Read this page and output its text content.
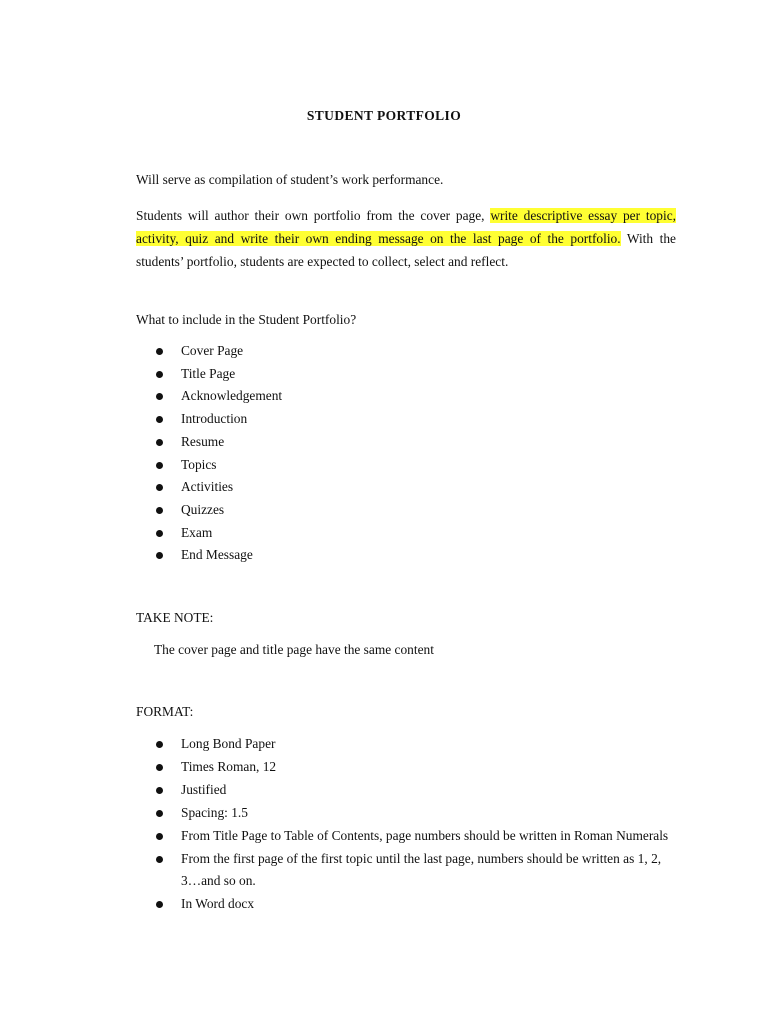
STUDENT PORTFOLIO

Will serve as compilation of student’s work performance.

Students will author their own portfolio from the cover page, write descriptive essay per topic, activity, quiz and write their own ending message on the last page of the portfolio. With the students’ portfolio, students are expected to collect, select and reflect.

What to include in the Student Portfolio?

Cover Page
Title Page
Acknowledgement
Introduction
Resume
Topics
Activities
Quizzes
Exam
End Message

TAKE NOTE:

The cover page and title page have the same content

FORMAT:

Long Bond Paper
Times Roman, 12
Justified
Spacing: 1.5
From Title Page to Table of Contents, page numbers should be written in Roman Numerals
From the first page of the first topic until the last page, numbers should be written as 1, 2, 3…and so on.
In Word docx
